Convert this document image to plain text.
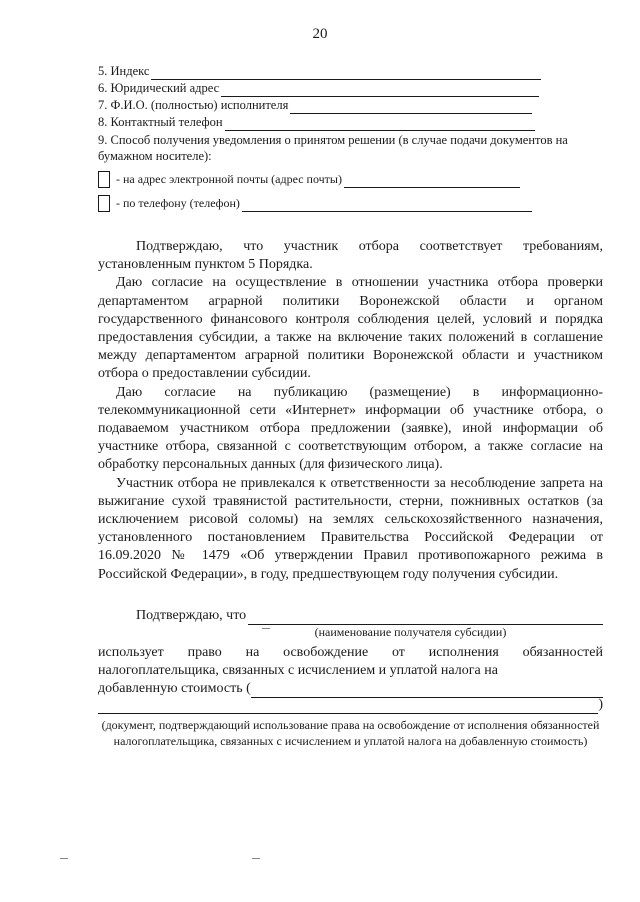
20
5. Индекс
6. Юридический адрес
7. Ф.И.О. (полностью) исполнителя
8. Контактный телефон
9. Способ получения уведомления о принятом решении (в случае подачи документов на бумажном носителе):
- на адрес электронной почты (адрес почты)
- по телефону (телефон)

Подтверждаю, что участник отбора соответствует требованиям, установленным пунктом 5 Порядка.

Даю согласие на осуществление в отношении участника отбора проверки департаментом аграрной политики Воронежской области и органом государственного финансового контроля соблюдения целей, условий и порядка предоставления субсидии, а также на включение таких положений в соглашение между департаментом аграрной политики Воронежской области и участником отбора о предоставлении субсидии.

Даю согласие на публикацию (размещение) в информационно-телекоммуникационной сети «Интернет» информации об участнике отбора, о подаваемом участником отбора предложении (заявке), иной информации об участнике отбора, связанной с соответствующим отбором, а также согласие на обработку персональных данных (для физического лица).

Участник отбора не привлекался к ответственности за несоблюдение запрета на выжигание сухой травянистой растительности, стерни, пожнивных остатков (за исключением рисовой соломы) на землях сельскохозяйственного назначения, установленного постановлением Правительства Российской Федерации от 16.09.2020 № 1479 «Об утверждении Правил противопожарного режима в Российской Федерации», в году, предшествующем году получения субсидии.

Подтверждаю, что
(наименование получателя субсидии)
использует право на освобождение от исполнения обязанностей налогоплательщика, связанных с исчислением и уплатой налога на
добавленную стоимость (
)
(документ, подтверждающий использование права на освобождение от исполнения обязанностей налогоплательщика, связанных с исчислением и уплатой налога на добавленную стоимость)
